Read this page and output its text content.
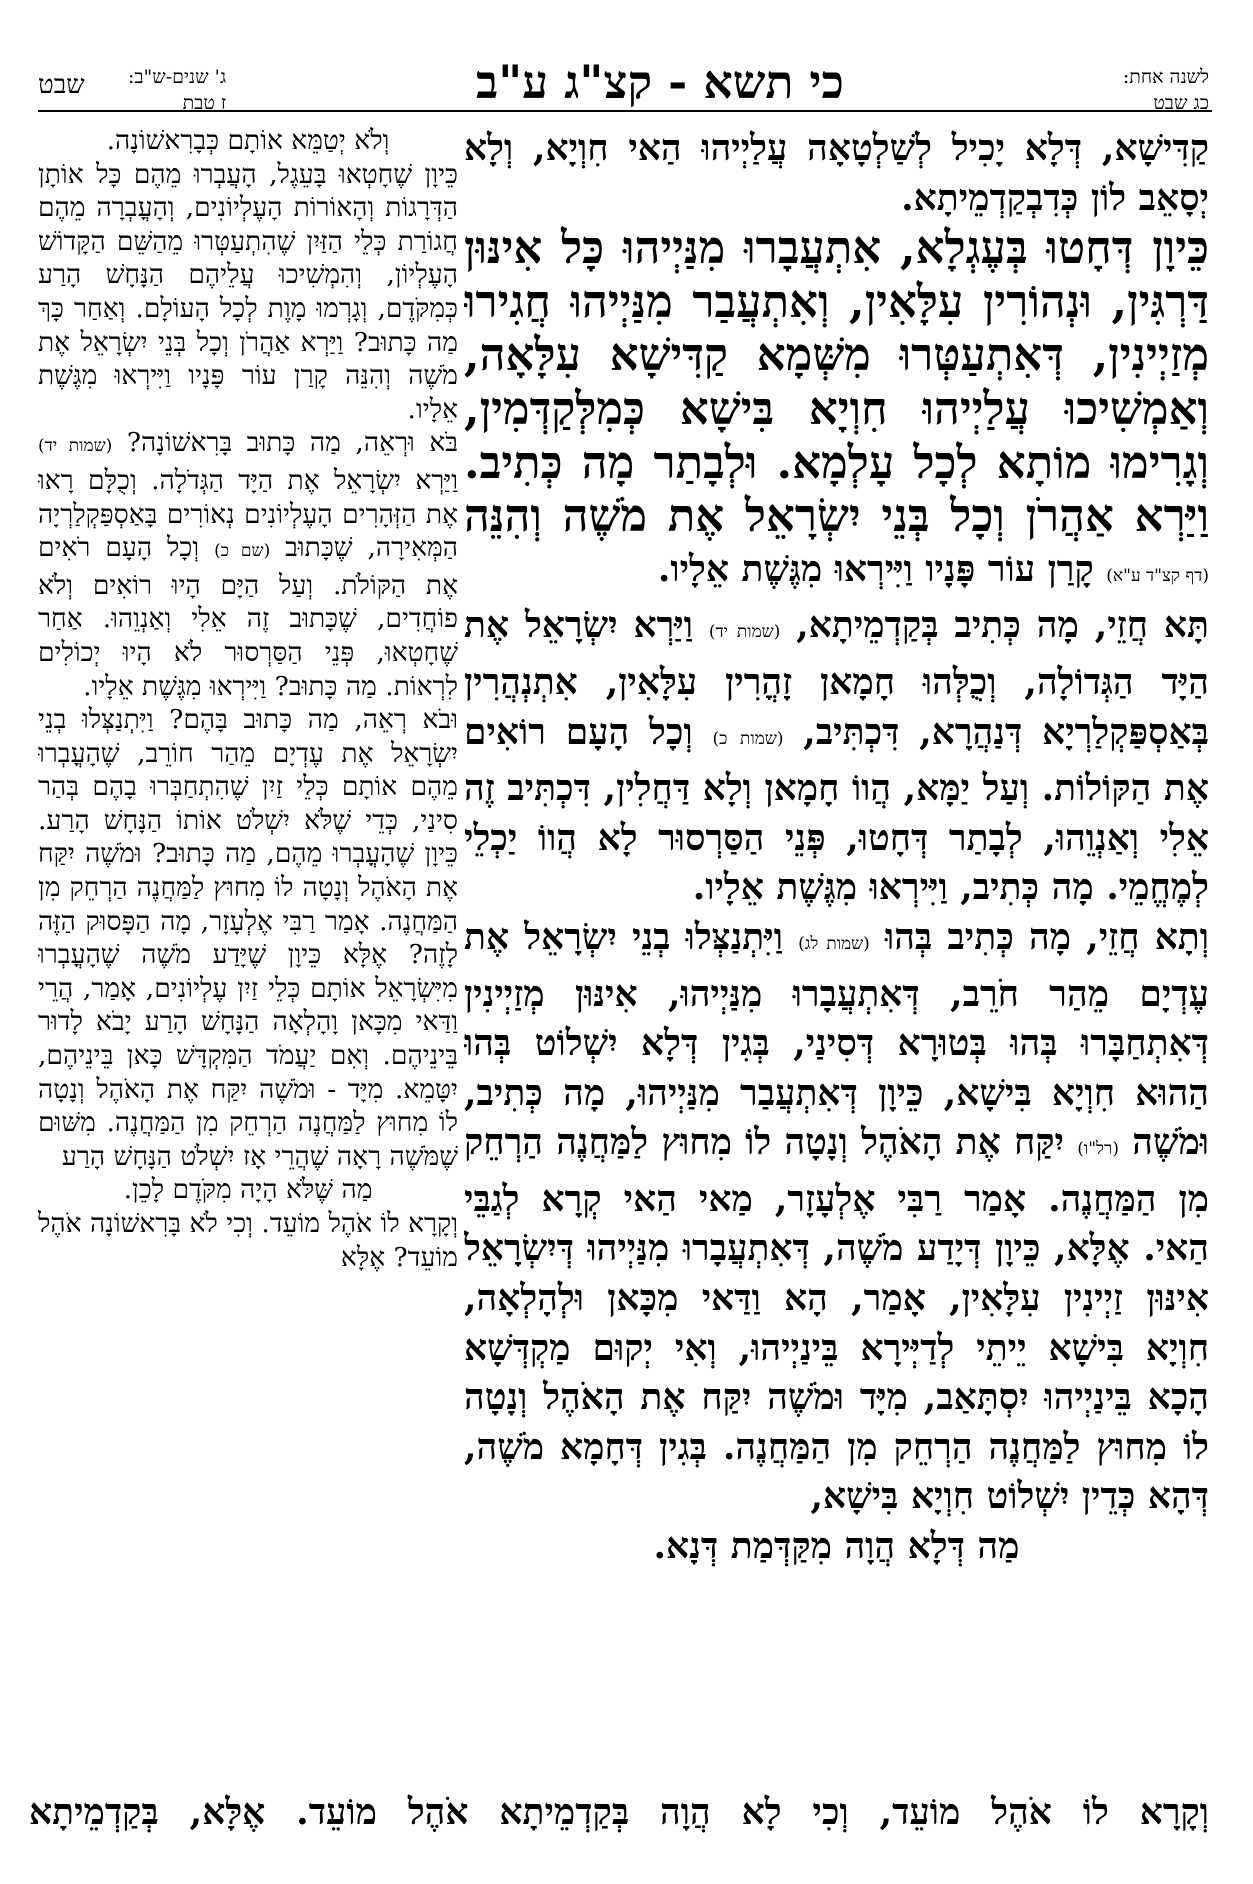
לשנה אחת:
כג שבט
כי תשא - קצ"ג ע"ב
ג' שנים-ש"ב:
ז טבת
שבט

קַדִּישָׁא, דְּלָא יָכִיל לְשַׁלְטָאָה עֲלַיְיהוּ הַאי חִוְיָא, וְלָא יְסָאֵב לוֹן כְּדִבְקַדְמֵיתָא.

כֵּיוָן דְּחָטוּ בְּעֶגְלָא, אִתְעֲבָרוּ מִנַּיְיהוּ כָּל אִינּוּן דַּרְגִּין, וּנְהוֹרִין עִלָּאִין, וְאִתְעֲבַר מִנַּיְיהוּ חֲגִירוּ מְזַיְינִין, דְּאִתְעַטְּרוּ מִשְּׁמָא קַדִּישָׁא עִלָּאָה, וְאַמְשִׁיכוּ עֲלַיְיהוּ חִוְיָא בִּישָׁא כְּמִלְּקַדְּמִין, וְגָרִימוּ מוֹתָא לְכָל עָלְמָא. וּלְבָתַר מָה כְּתִיב. וַיַּרְא אַהֲרֹן וְכָל בְּנֵי יִשְׂרָאֵל אֶת מֹשֶׁה וְהִנֵּה (דף קצ"ד ע"א) קָרַן עוֹר פָּנָיו וַיִּירְאוּ מִגֶּשֶׁת אֵלָיו.

תָּא חֲזֵי, מָה כְּתִיב בְּקַדְמֵיתָא, (שמות יד) וַיַּרְא יִשְׂרָאֵל אֶת הַיָּד הַגְּדוֹלָה, וְכֻלְּהוּ חָמָאן זָהֳרִין עִלָּאִין, אִתְנְהֲרִין בְּאַסְפַּקְלַרְיָא דְּנַהֲרָא, דִּכְתִּיב, (שמות כ) וְכָל הָעָם רוֹאִים אֶת הַקּוֹלוֹת. וְעַל יַמָּא, הֲווֹ חָמָאן וְלָא דַּחֲלִין, דִּכְתִּיב זֶה אֵלִי וְאַנְוֵהוּ, לְבָתַר דְּחָטוּ, פְּנֵי הַסַּרְסוּר לָא הֲווֹ יַכְלֵי לְמֶחֱמֵי. מָה כְּתִיב, וַיִּירְאוּ מִגֶּשֶׁת אֵלָיו.

וְתָא חֲזֵי, מָה כְּתִיב בְּהוּ (שמות לג) וַיִּתְנַצְּלוּ בְנֵי יִשְׂרָאֵל אֶת עֶדְיָם מֵהַר חֹרֵב, דְּאִתְעֲבָרוּ מִנַּיְיהוּ, אִינּוּן מְזַיְינִין דְּאִתְחַבָּרוּ בְּהוּ בְּטוּרָא דְּסִינַי, בְּגִין דְּלָא יִשְׁלוֹט בְּהוּ הַהוּא חִוְיָא בִּישָׁא, כֵּיוָן דְּאִתְעֲבַר מִנַּיְיהוּ, מָה כְּתִיב, וּמֹשֶׁה (רל"ו) יִקַּח אֶת הָאֹהֶל וְנָטָה לוֹ מִחוּץ לַמַּחֲנֶה הַרְחֵק מִן הַמַּחֲנֶה. אָמַר רַבִּי אֶלְעָזָר, מַאי הַאי קְרָא לְגַבֵּי הַאי. אֶלָּא, כֵּיוָן דְּיָדַע מֹשֶׁה, דְּאִתְעֲבָרוּ מִנַּיְיהוּ דְּיִשְׂרָאֵל אִינּוּן זַיְינִין עִלָּאִין, אָמַר, הָא וַדַּאי מִכָּאן וּלְהָלְאָה, חִוְיָא בִּישָׁא יֵיתֵי לְדַיְּירָא בֵּינַיְיהוּ, וְאִי יְקוּם מַקְדְּשָׁא הָכָא בֵּינַיְיהוּ יִסְתָּאַב, מִיָּד וּמֹשֶׁה יִקַּח אֶת הָאֹהֶל וְנָטָה לוֹ מִחוּץ לַמַּחֲנֶה הַרְחֵק מִן הַמַּחֲנֶה. בְּגִין דְּחָמָא מֹשֶׁה, דְּהָא כְּדֵין יִשְׁלוֹט חִוְיָא בִּישָׁא,

מַה דְּלָא הֲוָה מִקַּדְּמַת דְּנָא.

וְלֹא יְטַמֵּא אוֹתָם כְּבָרִאשׁוֹנָה.

כֵּיוָן שֶׁחָטְאוּ בָּעֵגֶל, הָעֲבְרוּ מֵהֶם כָּל אוֹתָן הַדְּרָגוֹת וְהָאוֹרוֹת הָעֶלְיוֹנִים, וְהָעֳבְרָה מֵהֶם חֲגוֹרַת כְּלֵי הַזַּיִן שֶׁהִתְעַטְּרוּ מֵהַשֵּׁם הַקָּדוֹשׁ הָעֶלְיוֹן, וְהִמְשִׁיכוּ עֲלֵיהֶם הַנָּחָשׁ הָרַע כְּמִקֹּדֶם, וְגָרְמוּ מָוֶת לְכָל הָעוֹלָם. וְאַחַר כָּךְ מַה כָּתוּב? וַיַּרְא אַהֲרֹן וְכָל בְּנֵי יִשְׂרָאֵל אֶת מֹשֶׁה וְהִנֵּה קָרַן עוֹר פָּנָיו וַיִּירְאוּ מִגֶּשֶׁת אֵלָיו.

בֹּא וּרְאֵה, מַה כָּתוּב בָּרִאשׁוֹנָה? (שמות יד) וַיַּרְא יִשְׂרָאֵל אֶת הַיָּד הַגְּדֹלָה. וְכֻלָּם רָאוּ אֶת הַזְּהָרִים הָעֶלְיוֹנִים נְאוֹרִים בָּאַסְפַּקְלַרְיָה הַמְּאִירָה, שֶׁכָּתוּב (שם כ) וְכָל הָעָם רֹאִים אֶת הַקּוֹלֹת. וְעַל הַיָּם הָיוּ רוֹאִים וְלֹא פוֹחֲדִים, שֶׁכָּתוּב זֶה אֵלִי וְאַנְוֵהוּ. אַחַר שֶׁחָטְאוּ, פְּנֵי הַסַּרְסוּר לֹא הָיוּ יְכוֹלִים לִרְאוֹת. מַה כָּתוּב? וַיִּירְאוּ מִגֶּשֶׁת אֵלָיו.

וּבֹא רְאֵה, מַה כָּתוּב בָּהֶם? וַיִּתְנַצְּלוּ בְנֵי יִשְׂרָאֵל אֶת עֶדְיָם מֵהַר חוֹרֵב, שֶׁהָעֳבְרוּ מֵהֶם אוֹתָם כְּלֵי זַיִן שֶׁהִתְחַבְּרוּ בָהֶם בְּהַר סִינַי, כְּדֵי שֶׁלֹּא יִשְׁלֹט אוֹתוֹ הַנָּחָשׁ הָרַע. כֵּיוָן שֶׁהָעֳבְרוּ מֵהֶם, מַה כָּתוּב? וּמֹשֶׁה יִקַּח אֶת הָאֹהֶל וְנָטָה לוֹ מִחוּץ לַמַּחֲנֶה הַרְחֵק מִן הַמַּחֲנֶה. אָמַר רַבִּי אֶלְעָזָר, מָה הַפָּסוּק הַזֶּה לָזֶה? אֶלָּא כֵּיוָן שֶׁיָּדַע מֹשֶׁה שֶׁהָעֳבְרוּ מִיִּשְׂרָאֵל אוֹתָם כְּלֵי זַיִן עֶלְיוֹנִים, אָמַר, הֲרֵי וַדַּאי מִכָּאן וָהָלְאָה הַנָּחָשׁ הָרַע יָבֹא לָדוּר בֵּינֵיהֶם. וְאִם יַעֲמֹד הַמִּקְדָּשׁ כָּאן בֵּינֵיהֶם, יִטָּמֵא. מִיָּד - וּמֹשֶׁה יִקַּח אֶת הָאֹהֶל וְנָטָה לוֹ מִחוּץ לַמַּחֲנֶה הַרְחֵק מִן הַמַּחֲנֶה. מִשּׁוּם שֶׁמֹּשֶׁה רָאָה שֶׁהֲרֵי אָז יִשְׁלֹט הַנָּחָשׁ הָרַע

מַה שֶּׁלֹּא הָיָה מִקֹּדֶם לָכֵן.

וְקָרָא לוֹ אֹהֶל מוֹעֵד. וְכִי לֹא בָּרִאשׁוֹנָה אֹהֶל מוֹעֵד? אֶלָּא

וְקָרָא לוֹ אֹהֶל מוֹעֵד, וְכִי לָא הֲוָה בְּקַדְמֵיתָא אֹהֶל מוֹעֵד. אֶלָּא, בְּקַדְמֵיתָא
